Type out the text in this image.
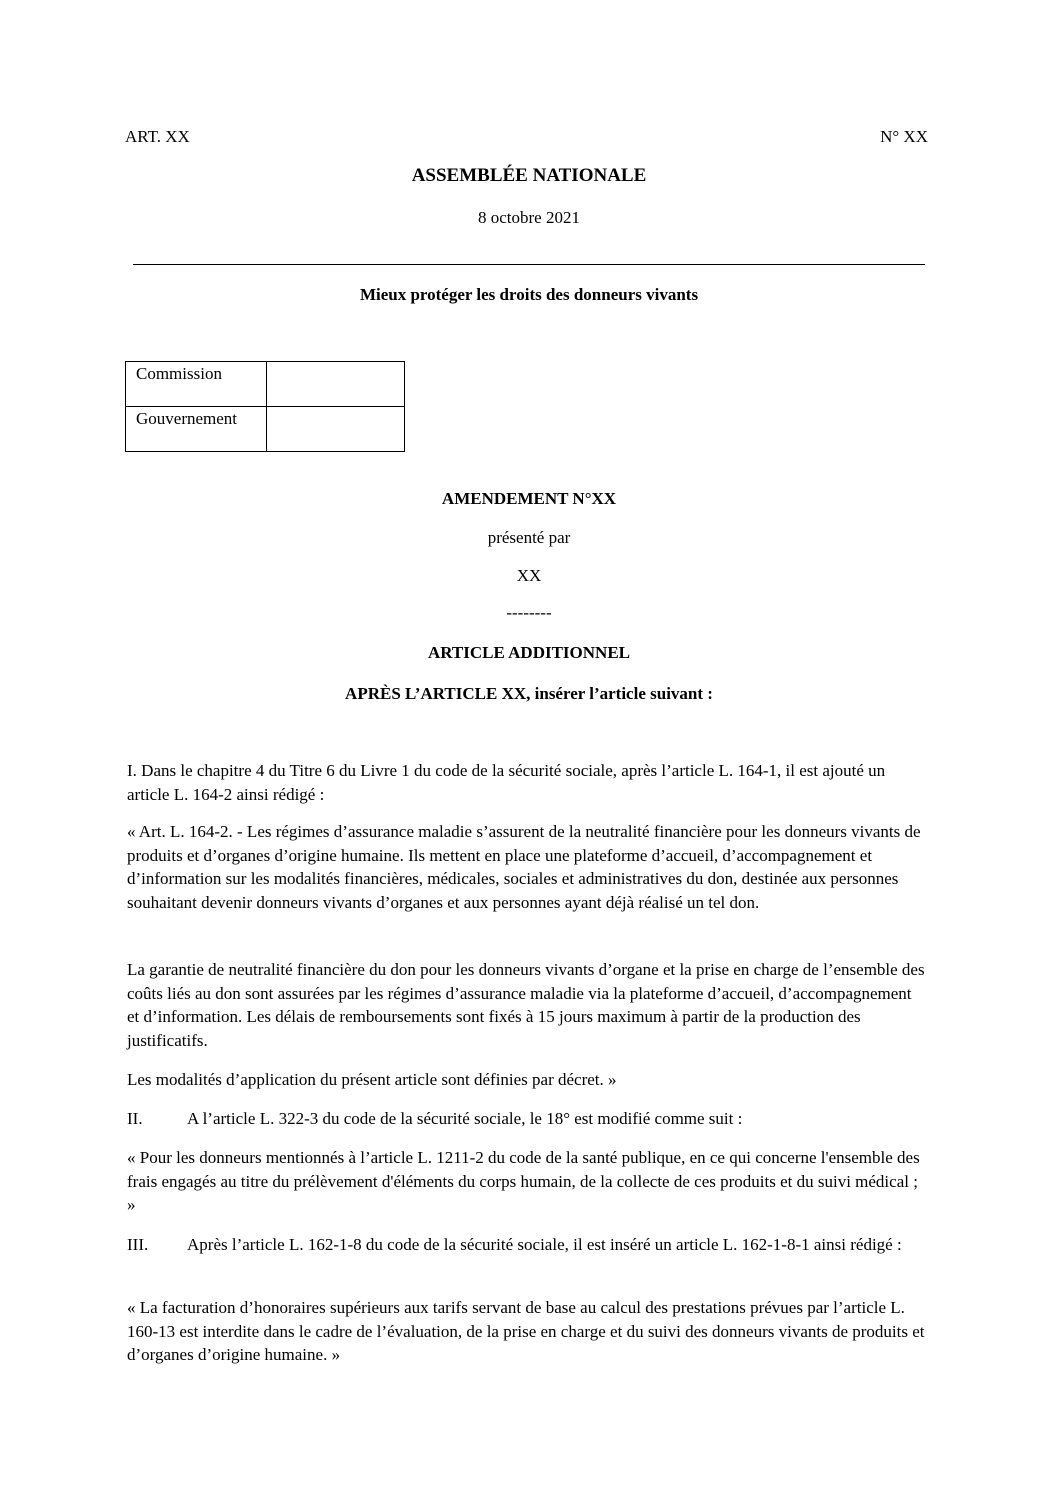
ART. XX	N° XX
ASSEMBLÉE NATIONALE
8 octobre 2021
Mieux protéger les droits des donneurs vivants
Commission	
Gouvernement	
AMENDEMENT N°XX
présenté par
XX
--------
ARTICLE ADDITIONNEL
APRÈS L’ARTICLE XX, insérer l’article suivant :
I. Dans le chapitre 4 du Titre 6 du Livre 1 du code de la sécurité sociale, après l’article L. 164-1, il est ajouté un article L. 164-2 ainsi rédigé :
« Art. L. 164-2. - Les régimes d’assurance maladie s’assurent de la neutralité financière pour les donneurs vivants de produits et d’organes d’origine humaine. Ils mettent en place une plateforme d’accueil, d’accompagnement et d’information sur les modalités financières, médicales, sociales et administratives du don, destinée aux personnes souhaitant devenir donneurs vivants d’organes et aux personnes ayant déjà réalisé un tel don.
La garantie de neutralité financière du don pour les donneurs vivants d’organe et la prise en charge de l’ensemble des coûts liés au don sont assurées par les régimes d’assurance maladie via la plateforme d’accueil, d’accompagnement et d’information. Les délais de remboursements sont fixés à 15 jours maximum à partir de la production des justificatifs.
Les modalités d’application du présent article sont définies par décret. »
II.	A l’article L. 322-3 du code de la sécurité sociale, le 18° est modifié comme suit :
« Pour les donneurs mentionnés à l’article L. 1211-2 du code de la santé publique, en ce qui concerne l'ensemble des frais engagés au titre du prélèvement d'éléments du corps humain, de la collecte de ces produits et du suivi médical ; »
III. Après l’article L. 162-1-8 du code de la sécurité sociale, il est inséré un article L. 162-1-8-1 ainsi rédigé :
« La facturation d’honoraires supérieurs aux tarifs servant de base au calcul des prestations prévues par l’article L. 160-13 est interdite dans le cadre de l’évaluation, de la prise en charge et du suivi des donneurs vivants de produits et d’organes d’origine humaine. »
